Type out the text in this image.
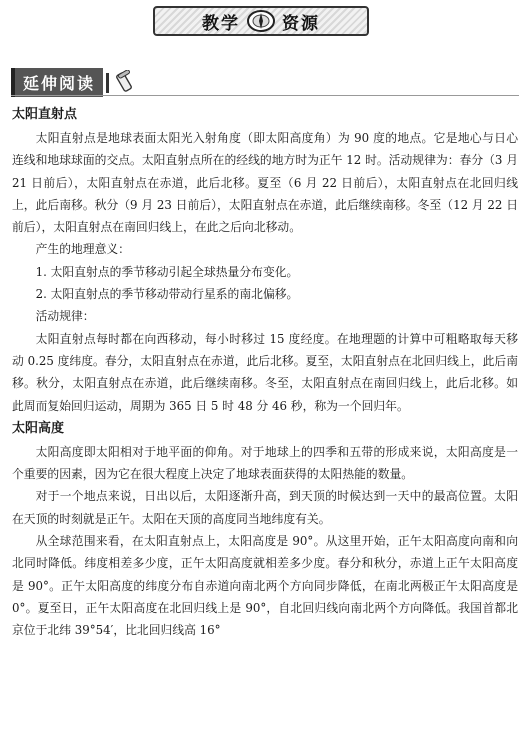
教学 资源
延伸阅读

太阳直射点

太阳直射点是地球表面太阳光入射角度（即太阳高度角）为 90 度的地点。它是地心与日心连线和地球球面的交点。太阳直射点所在的经线的地方时为正午 12 时。活动规律为：春分（3 月 21 日前后），太阳直射点在赤道，此后北移。夏至（6 月 22 日前后），太阳直射点在北回归线上，此后南移。秋分（9 月 23 日前后），太阳直射点在赤道，此后继续南移。冬至（12 月 22 日前后），太阳直射点在南回归线上，在此之后向北移动。

产生的地理意义：

1. 太阳直射点的季节移动引起全球热量分布变化。

2. 太阳直射点的季节移动带动行星系的南北偏移。

活动规律：

太阳直射点每时都在向西移动，每小时移过 15 度经度。在地理题的计算中可粗略取每天移动 0.25 度纬度。春分，太阳直射点在赤道，此后北移。夏至，太阳直射点在北回归线上，此后南移。秋分，太阳直射点在赤道，此后继续南移。冬至，太阳直射点在南回归线上，此后北移。如此周而复始回归运动，周期为 365 日 5 时 48 分 46 秒，称为一个回归年。

太阳高度

太阳高度即太阳相对于地平面的仰角。对于地球上的四季和五带的形成来说，太阳高度是一个重要的因素，因为它在很大程度上决定了地球表面获得的太阳热能的数量。

对于一个地点来说，日出以后，太阳逐渐升高，到天顶的时候达到一天中的最高位置。太阳在天顶的时刻就是正午。太阳在天顶的高度同当地纬度有关。

从全球范围来看，在太阳直射点上，太阳高度是 90°。从这里开始，正午太阳高度向南和向北同时降低。纬度相差多少度，正午太阳高度就相差多少度。春分和秋分，赤道上正午太阳高度是 90°。正午太阳高度的纬度分布自赤道向南北两个方向同步降低，在南北两极正午太阳高度是 0°。夏至日，正午太阳高度在北回归线上是 90°，自北回归线向南北两个方向降低。我国首都北京位于北纬 39°54′，比北回归线高 16°
